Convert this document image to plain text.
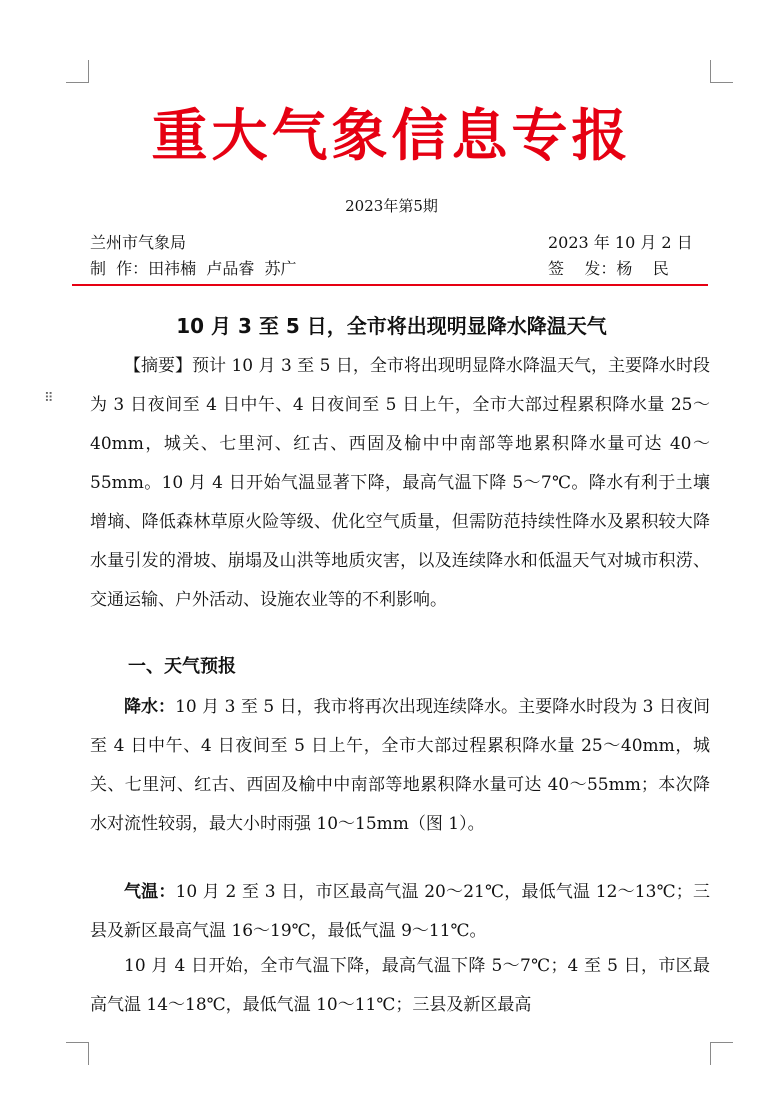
⠿
重大气象信息专报
2023年第5期
兰州市气象局	2023 年 10 月 2 日
制  作：田祎楠  卢品睿  苏广	签    发：杨    民
10 月 3 至 5 日，全市将出现明显降水降温天气
【摘要】预计 10 月 3 至 5 日，全市将出现明显降水降温天气，主要降水时段为 3 日夜间至 4 日中午、4 日夜间至 5 日上午，全市大部过程累积降水量 25～40mm，城关、七里河、红古、西固及榆中中南部等地累积降水量可达 40～55mm。10 月 4 日开始气温显著下降，最高气温下降 5～7℃。降水有利于土壤增墒、降低森林草原火险等级、优化空气质量，但需防范持续性降水及累积较大降水量引发的滑坡、崩塌及山洪等地质灾害，以及连续降水和低温天气对城市积涝、交通运输、户外活动、设施农业等的不利影响。
一、天气预报
降水：10 月 3 至 5 日，我市将再次出现连续降水。主要降水时段为 3 日夜间至 4 日中午、4 日夜间至 5 日上午，全市大部过程累积降水量 25～40mm，城关、七里河、红古、西固及榆中中南部等地累积降水量可达 40～55mm；本次降水对流性较弱，最大小时雨强 10～15mm（图 1）。
气温：10 月 2 至 3 日，市区最高气温 20～21℃，最低气温 12～13℃；三县及新区最高气温 16～19℃，最低气温 9～11℃。
10 月 4 日开始，全市气温下降，最高气温下降 5～7℃；4 至 5 日，市区最高气温 14～18℃，最低气温 10～11℃；三县及新区最高
